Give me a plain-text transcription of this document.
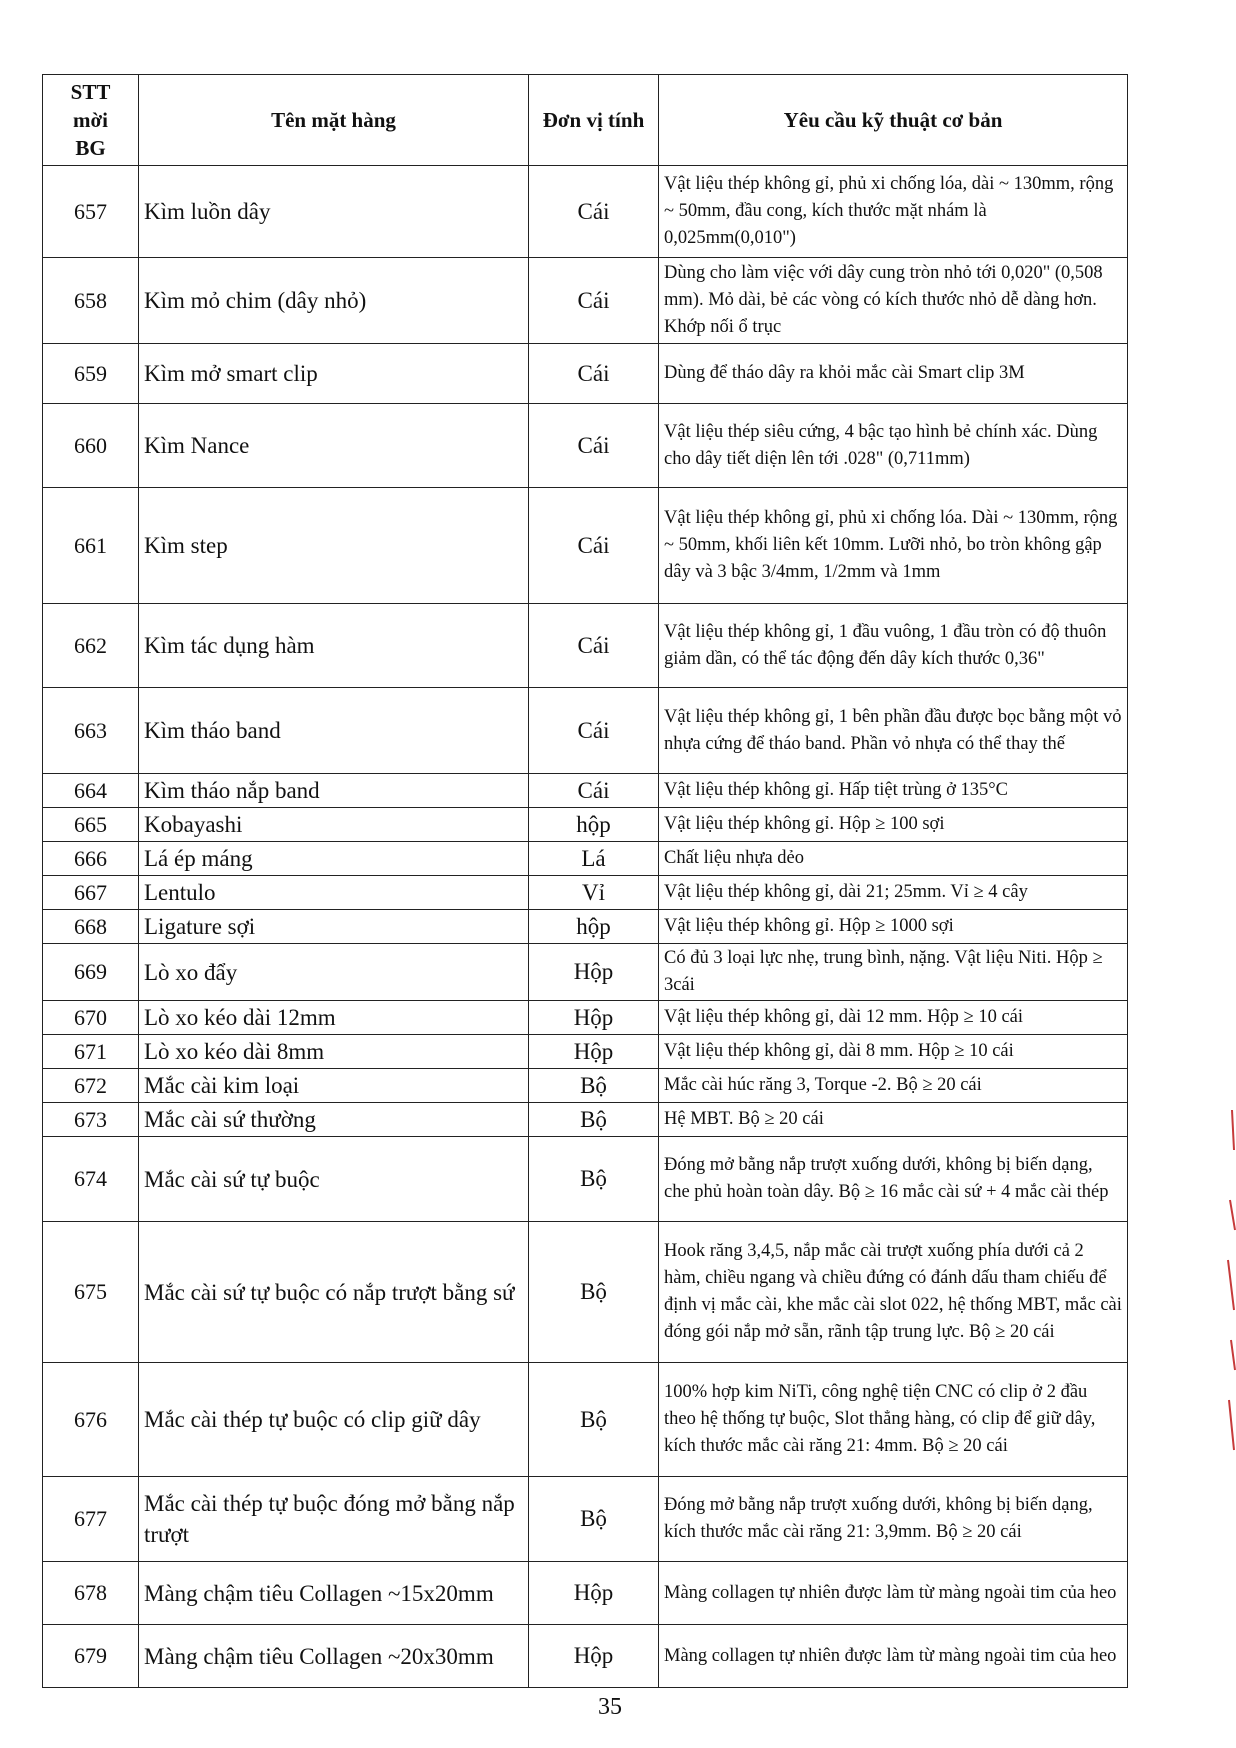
STT
mời
BG	Tên mặt hàng	Đơn vị tính	Yêu cầu kỹ thuật cơ bản
657	Kìm luồn dây	Cái	Vật liệu thép không gỉ, phủ xi chống lóa, dài ~ 130mm, rộng ~ 50mm, đầu cong, kích thước mặt nhám là 0,025mm(0,010")
658	Kìm mỏ chim (dây nhỏ)	Cái	Dùng cho làm việc với dây cung tròn nhỏ tới 0,020" (0,508 mm). Mỏ dài, bẻ các vòng có kích thước nhỏ dễ dàng hơn. Khớp nối ổ trục
659	Kìm mở smart clip	Cái	Dùng để tháo dây ra khỏi mắc cài Smart clip 3M
660	Kìm Nance	Cái	Vật liệu thép siêu cứng, 4 bậc tạo hình bẻ chính xác. Dùng cho dây tiết diện lên tới .028" (0,711mm)
661	Kìm step	Cái	Vật liệu thép không gỉ, phủ xi chống lóa. Dài ~ 130mm, rộng ~ 50mm, khối liên kết 10mm. Lưỡi nhỏ, bo tròn không gập dây và 3 bậc 3/4mm, 1/2mm và 1mm
662	Kìm tác dụng hàm	Cái	Vật liệu thép không gỉ, 1 đầu vuông, 1 đầu tròn có độ thuôn giảm dần, có thể tác động đến dây kích thước 0,36"
663	Kìm tháo band	Cái	Vật liệu thép không gỉ, 1 bên phần đầu được bọc bằng một vỏ nhựa cứng để tháo band. Phần vỏ nhựa có thể thay thế
664	Kìm tháo nắp band	Cái	Vật liệu thép không gỉ. Hấp tiệt trùng ở 135°C
665	Kobayashi	hộp	Vật liệu thép không gỉ. Hộp ≥ 100 sợi
666	Lá ép máng	Lá	Chất liệu nhựa dẻo
667	Lentulo	Vỉ	Vật liệu thép không gỉ, dài 21; 25mm. Vỉ ≥ 4 cây
668	Ligature sợi	hộp	Vật liệu thép không gỉ. Hộp ≥ 1000 sợi
669	Lò xo đẩy	Hộp	Có đủ 3 loại lực nhẹ, trung bình, nặng. Vật liệu Niti. Hộp ≥ 3cái
670	Lò xo kéo dài 12mm	Hộp	Vật liệu thép không gỉ, dài 12 mm. Hộp ≥ 10 cái
671	Lò xo kéo dài 8mm	Hộp	Vật liệu thép không gỉ, dài 8 mm. Hộp ≥ 10 cái
672	Mắc cài kim loại	Bộ	Mắc cài húc răng 3, Torque -2. Bộ ≥ 20 cái
673	Mắc cài sứ thường	Bộ	Hệ MBT. Bộ ≥ 20 cái
674	Mắc cài sứ tự buộc	Bộ	Đóng mở bằng nắp trượt xuống dưới, không bị biến dạng, che phủ hoàn toàn dây. Bộ ≥ 16 mắc cài sứ + 4 mắc cài thép
675	Mắc cài sứ tự buộc có nắp trượt bằng sứ	Bộ	Hook răng 3,4,5, nắp mắc cài trượt xuống phía dưới cả 2 hàm, chiều ngang và chiều đứng có đánh dấu tham chiếu để định vị mắc cài, khe mắc cài slot 022, hệ thống MBT, mắc cài đóng gói nắp mở sẵn, rãnh tập trung lực. Bộ ≥ 20 cái
676	Mắc cài thép tự buộc có clip giữ dây	Bộ	100% hợp kim NiTi, công nghệ tiện CNC có clip ở 2 đầu theo hệ thống tự buộc, Slot thẳng hàng, có clip để giữ dây, kích thước mắc cài răng 21: 4mm. Bộ ≥ 20 cái
677	Mắc cài thép tự buộc đóng mở bằng nắp trượt	Bộ	Đóng mở bằng nắp trượt xuống dưới, không bị biến dạng, kích thước mắc cài răng 21: 3,9mm. Bộ ≥ 20 cái
678	Màng chậm tiêu Collagen ~15x20mm	Hộp	Màng collagen tự nhiên được làm từ màng ngoài tim của heo
679	Màng chậm tiêu Collagen ~20x30mm	Hộp	Màng collagen tự nhiên được làm từ màng ngoài tim của heo
35
